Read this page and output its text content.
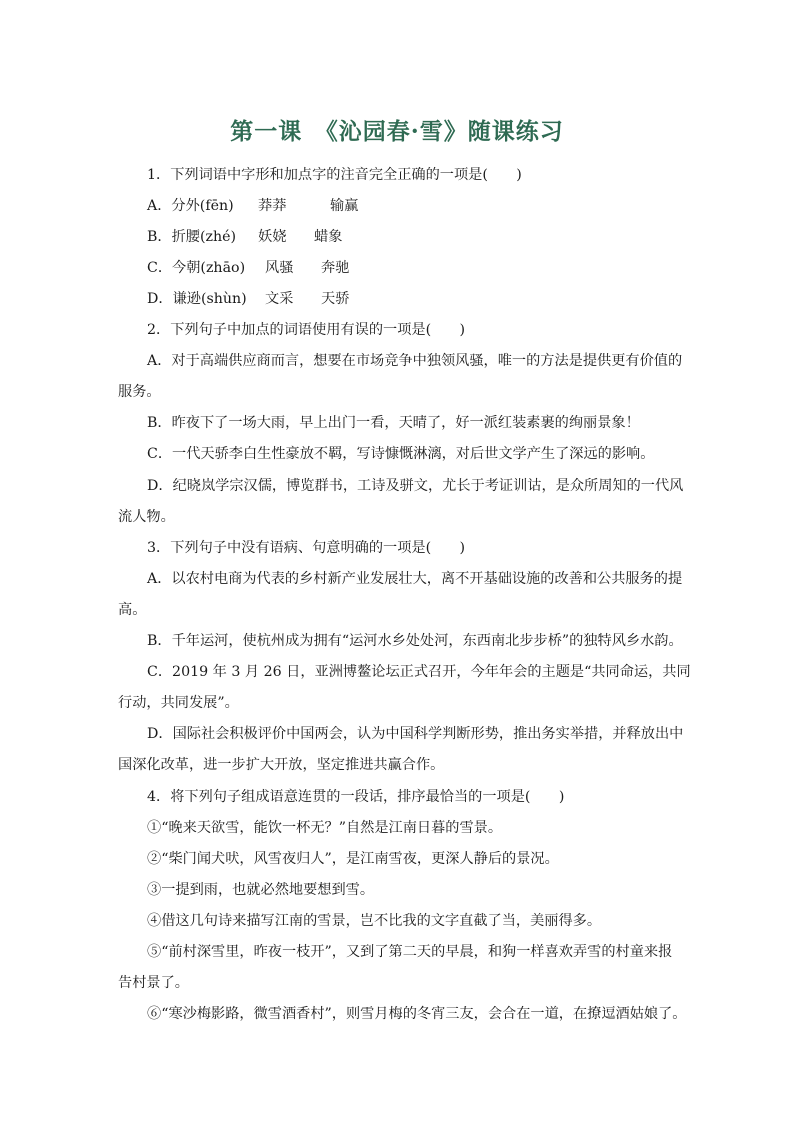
第一课　《沁园春·雪》随课练习
1．下列词语中字形和加点字的注音完全正确的一项是(　　)
A．分外(fēn) 莽莽	输赢
B．折腰(zhé) 妖娆 蜡象
C．今朝(zhāo) 风骚 奔驰
D．谦逊(shùn) 文采 天骄
2．下列句子中加点的词语使用有误的一项是(　　)
A．对于高端供应商而言，想要在市场竞争中独领风骚，唯一的方法是提供更有价值的
服务。
B．昨夜下了一场大雨，早上出门一看，天晴了，好一派红装素裹的绚丽景象！
C．一代天骄李白生性豪放不羁，写诗慷慨淋漓，对后世文学产生了深远的影响。
D．纪晓岚学宗汉儒，博览群书，工诗及骈文，尤长于考证训诂，是众所周知的一代风
流人物。
3．下列句子中没有语病、句意明确的一项是(　　)
A．以农村电商为代表的乡村新产业发展壮大，离不开基础设施的改善和公共服务的提
高。
B．千年运河，使杭州成为拥有“运河水乡处处河，东西南北步步桥”的独特风乡水韵。
C．2019 年 3 月 26 日，亚洲博鳌论坛正式召开，今年年会的主题是“共同命运，共同
行动，共同发展”。
D．国际社会积极评价中国两会，认为中国科学判断形势，推出务实举措，并释放出中
国深化改革，进一步扩大开放，坚定推进共赢合作。
4．将下列句子组成语意连贯的一段话，排序最恰当的一项是(　　)
①“晚来天欲雪，能饮一杯无？”自然是江南日暮的雪景。
②“柴门闻犬吠，风雪夜归人”，是江南雪夜，更深人静后的景况。
③一提到雨，也就必然地要想到雪。
④借这几句诗来描写江南的雪景，岂不比我的文字直截了当，美丽得多。
⑤“前村深雪里，昨夜一枝开”，又到了第二天的早晨，和狗一样喜欢弄雪的村童来报
告村景了。
⑥“寒沙梅影路，微雪酒香村”，则雪月梅的冬宵三友，会合在一道，在撩逗酒姑娘了。
